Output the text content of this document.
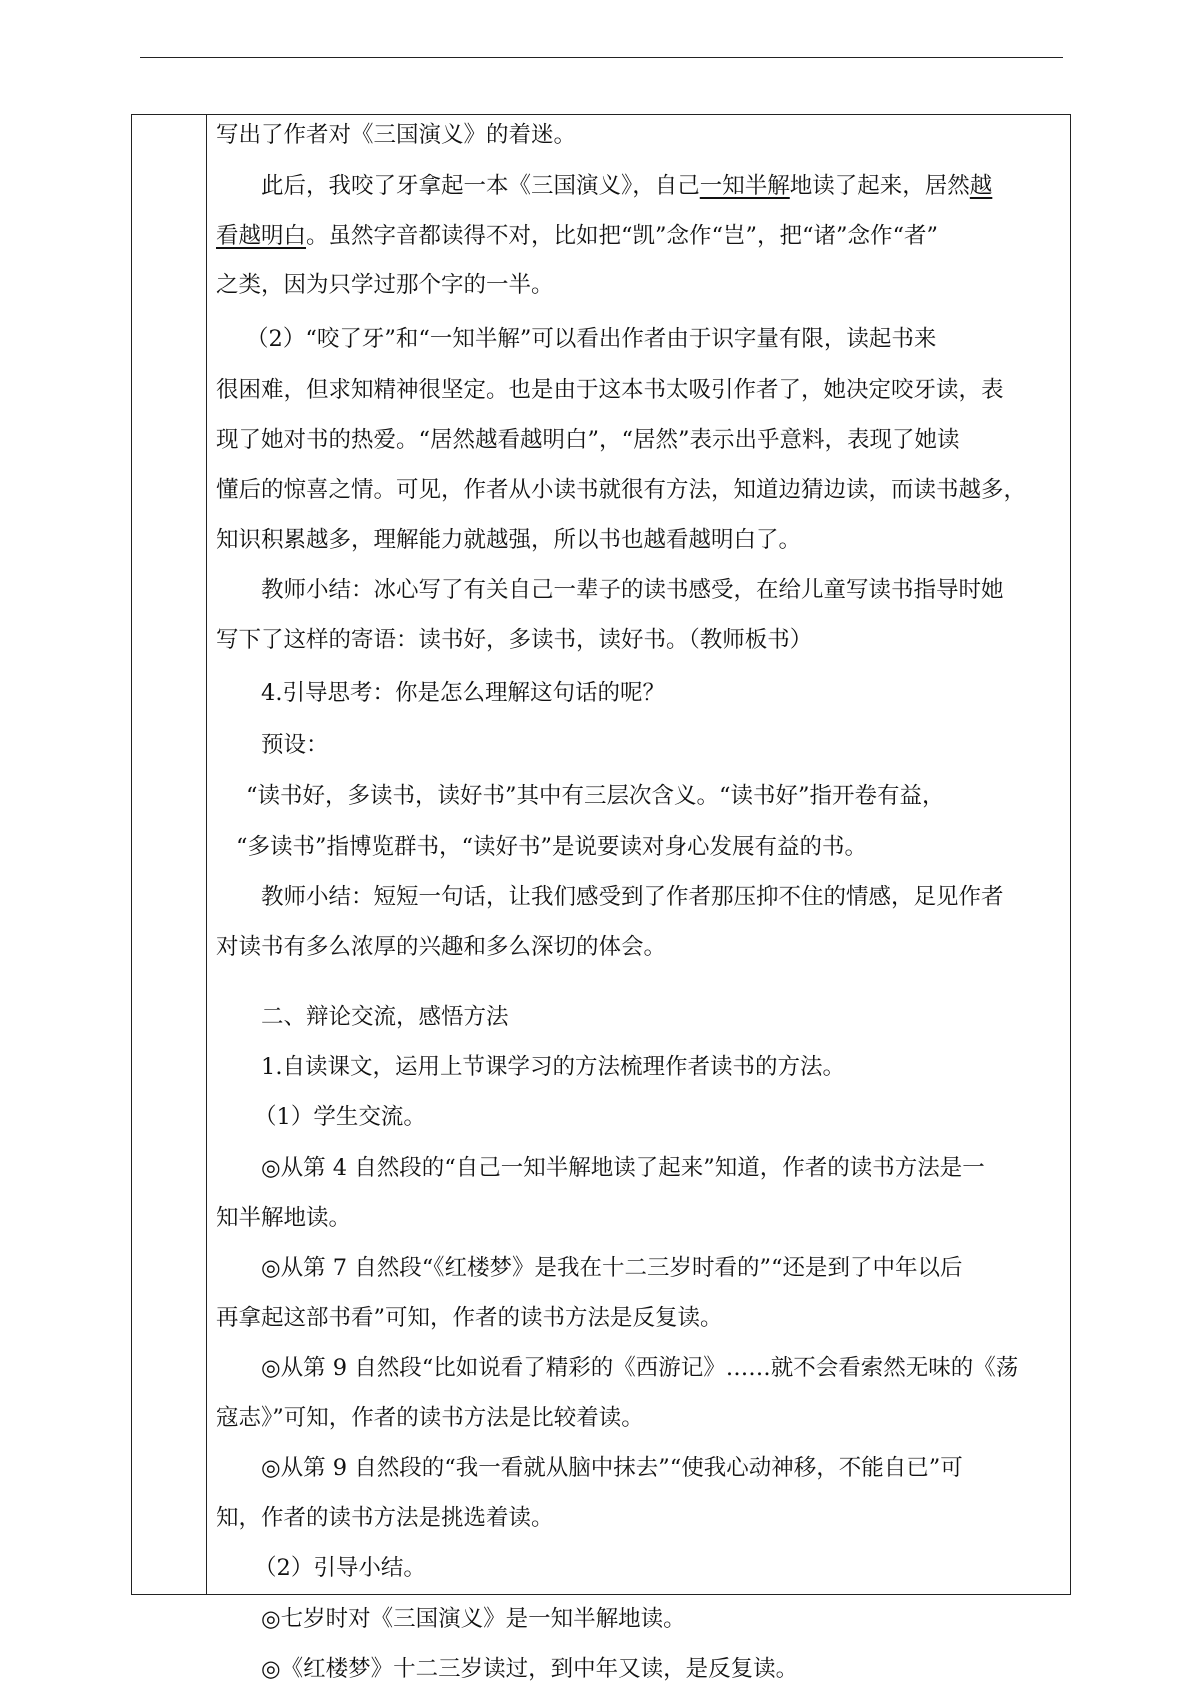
写出了作者对《三国演义》的着迷。
此后，我咬了牙拿起一本《三国演义》，自己一知半解地读了起来，居然越
看越明白。虽然字音都读得不对，比如把“凯”念作“岂”，把“诸”念作“者”
之类，因为只学过那个字的一半。
（2）“咬了牙”和“一知半解”可以看出作者由于识字量有限，读起书来
很困难，但求知精神很坚定。也是由于这本书太吸引作者了，她决定咬牙读，表
现了她对书的热爱。“居然越看越明白”，“居然”表示出乎意料，表现了她读
懂后的惊喜之情。可见，作者从小读书就很有方法，知道边猜边读，而读书越多，
知识积累越多，理解能力就越强，所以书也越看越明白了。
教师小结：冰心写了有关自己一辈子的读书感受，在给儿童写读书指导时她
写下了这样的寄语：读书好，多读书，读好书。（教师板书）
4.引导思考：你是怎么理解这句话的呢？
预设：
“读书好，多读书，读好书”其中有三层次含义。“读书好”指开卷有益，
“多读书”指博览群书，“读好书”是说要读对身心发展有益的书。
教师小结：短短一句话，让我们感受到了作者那压抑不住的情感，足见作者
对读书有多么浓厚的兴趣和多么深切的体会。
二、辩论交流，感悟方法
1.自读课文，运用上节课学习的方法梳理作者读书的方法。
（1）学生交流。
◎从第 4 自然段的“自己一知半解地读了起来”知道，作者的读书方法是一
知半解地读。
◎从第 7 自然段“《红楼梦》是我在十二三岁时看的”“还是到了中年以后
再拿起这部书看”可知，作者的读书方法是反复读。
◎从第 9 自然段“比如说看了精彩的《西游记》……就不会看索然无味的《荡
寇志》”可知，作者的读书方法是比较着读。
◎从第 9 自然段的“我一看就从脑中抹去”“使我心动神移，不能自已”可
知，作者的读书方法是挑选着读。
（2）引导小结。
◎七岁时对《三国演义》是一知半解地读。
◎《红楼梦》十二三岁读过，到中年又读，是反复读。
